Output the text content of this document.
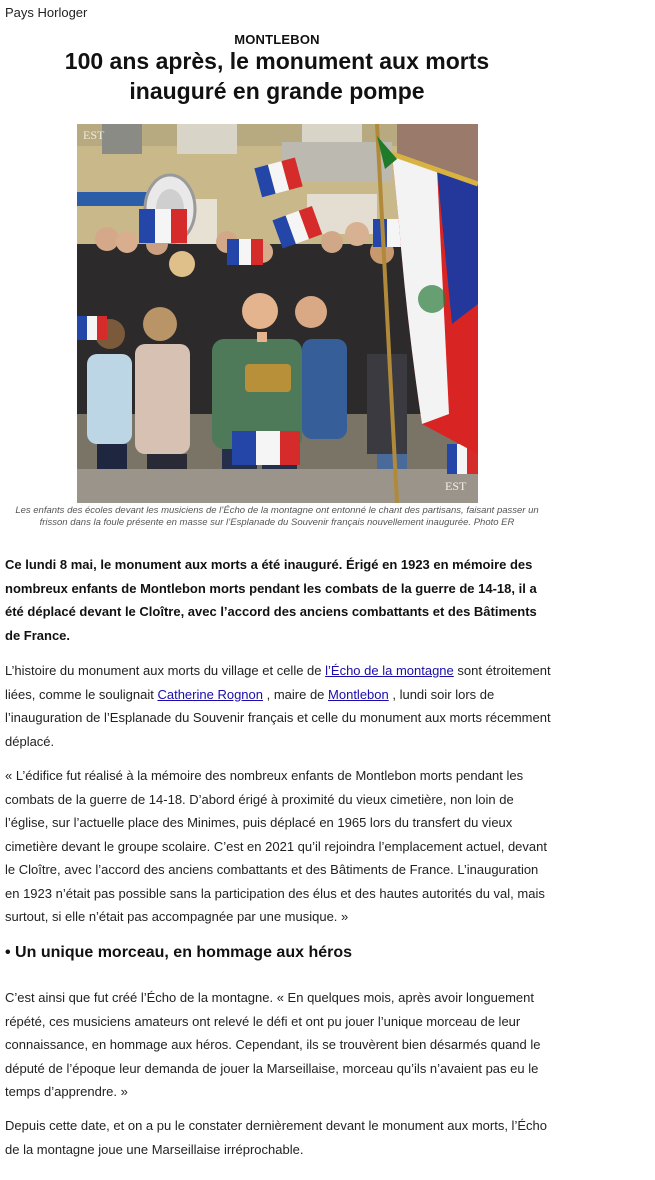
Pays Horloger
MONTLEBON
100 ans après, le monument aux morts inauguré en grande pompe
EST
EST
Les enfants des écoles devant les musiciens de l’Écho de la montagne ont entonné le chant des partisans, faisant passer un frisson dans la foule présente en masse sur l’Esplanade du Souvenir français nouvellement inaugurée. Photo ER

Ce lundi 8 mai, le monument aux morts a été inauguré. Érigé en 1923 en mémoire des nombreux enfants de Montlebon morts pendant les combats de la guerre de 14-18, il a été déplacé devant le Cloître, avec l’accord des anciens combattants et des Bâtiments de France.

L’histoire du monument aux morts du village et celle de l’Écho de la montagne sont étroitement liées, comme le soulignait Catherine Rognon , maire de Montlebon , lundi soir lors de l’inauguration de l’Esplanade du Souvenir français et celle du monument aux morts récemment déplacé.

« L’édifice fut réalisé à la mémoire des nombreux enfants de Montlebon morts pendant les combats de la guerre de 14-18. D’abord érigé à proximité du vieux cimetière, non loin de l’église, sur l’actuelle place des Minimes, puis déplacé en 1965 lors du transfert du vieux cimetière devant le groupe scolaire. C’est en 2021 qu’il rejoindra l’emplacement actuel, devant le Cloître, avec l’accord des anciens combattants et des Bâtiments de France. L’inauguration en 1923 n’était pas possible sans la participation des élus et des hautes autorités du val, mais surtout, si elle n’était pas accompagnée par une musique. »

• Un unique morceau, en hommage aux héros

C’est ainsi que fut créé l’Écho de la montagne. « En quelques mois, après avoir longuement répété, ces musiciens amateurs ont relevé le défi et ont pu jouer l’unique morceau de leur connaissance, en hommage aux héros. Cependant, ils se trouvèrent bien désarmés quand le député de l’époque leur demanda de jouer la Marseillaise, morceau qu’ils n’avaient pas eu le temps d’apprendre. »

Depuis cette date, et on a pu le constater dernièrement devant le monument aux morts, l’Écho de la montagne joue une Marseillaise irréprochable.
